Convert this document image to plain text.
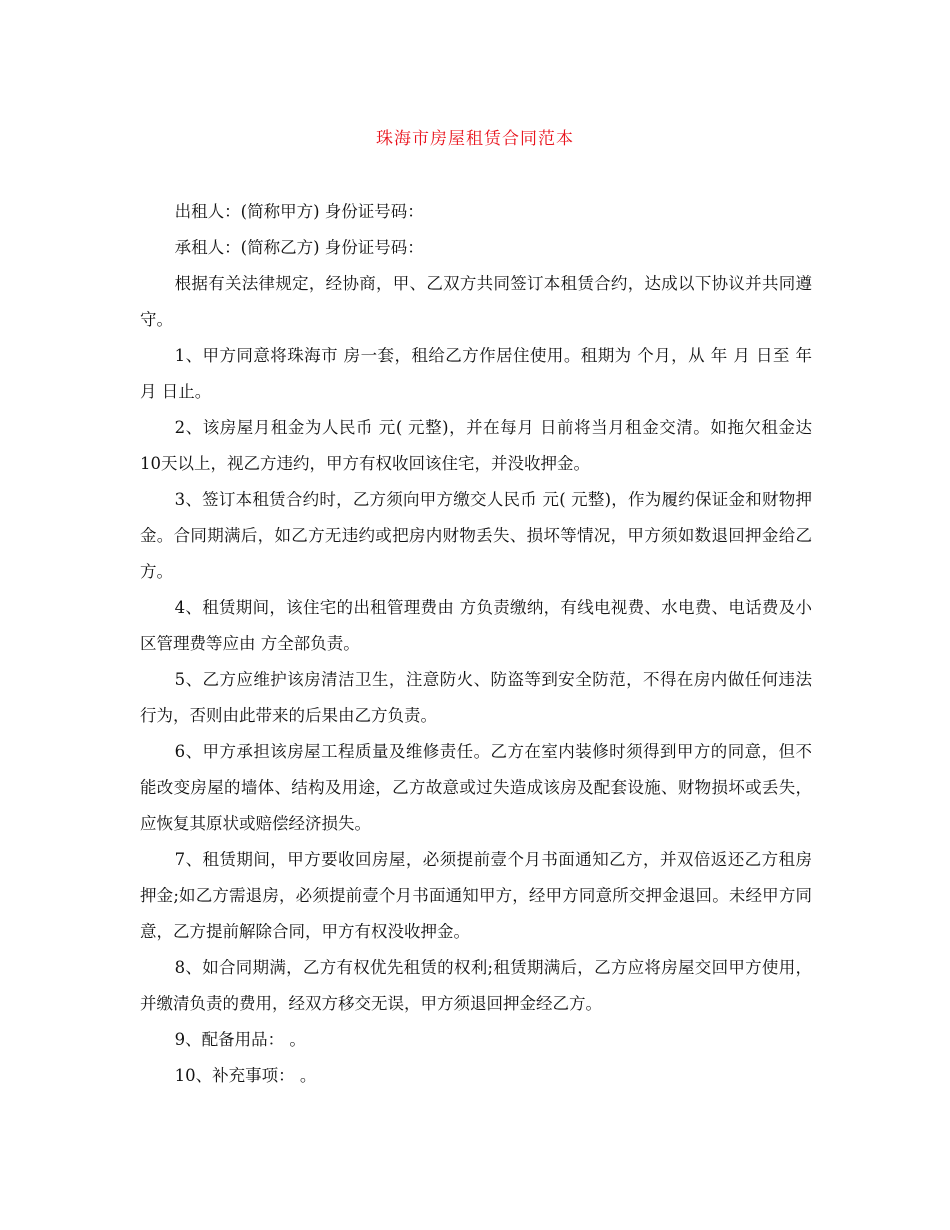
珠海市房屋租赁合同范本

出租人：(简称甲方) 身份证号码：

承租人：(简称乙方) 身份证号码：

根据有关法律规定，经协商，甲、乙双方共同签订本租赁合约，达成以下协议并共同遵守。

1、甲方同意将珠海市 房一套，租给乙方作居住使用。租期为 个月，从 年 月 日至 年 月 日止。

2、该房屋月租金为人民币 元( 元整)，并在每月 日前将当月租金交清。如拖欠租金达10天以上，视乙方违约，甲方有权收回该住宅，并没收押金。

3、签订本租赁合约时，乙方须向甲方缴交人民币 元( 元整)，作为履约保证金和财物押金。合同期满后，如乙方无违约或把房内财物丢失、损坏等情况，甲方须如数退回押金给乙方。

4、租赁期间，该住宅的出租管理费由 方负责缴纳，有线电视费、水电费、电话费及小区管理费等应由 方全部负责。

5、乙方应维护该房清洁卫生，注意防火、防盗等到安全防范，不得在房内做任何违法行为，否则由此带来的后果由乙方负责。

6、甲方承担该房屋工程质量及维修责任。乙方在室内装修时须得到甲方的同意，但不能改变房屋的墙体、结构及用途，乙方故意或过失造成该房及配套设施、财物损坏或丢失，应恢复其原状或赔偿经济损失。

7、租赁期间，甲方要收回房屋，必须提前壹个月书面通知乙方，并双倍返还乙方租房押金;如乙方需退房，必须提前壹个月书面通知甲方，经甲方同意所交押金退回。未经甲方同意，乙方提前解除合同，甲方有权没收押金。

8、如合同期满，乙方有权优先租赁的权利;租赁期满后，乙方应将房屋交回甲方使用，并缴清负责的费用，经双方移交无误，甲方须退回押金经乙方。

9、配备用品： 。

10、补充事项： 。
